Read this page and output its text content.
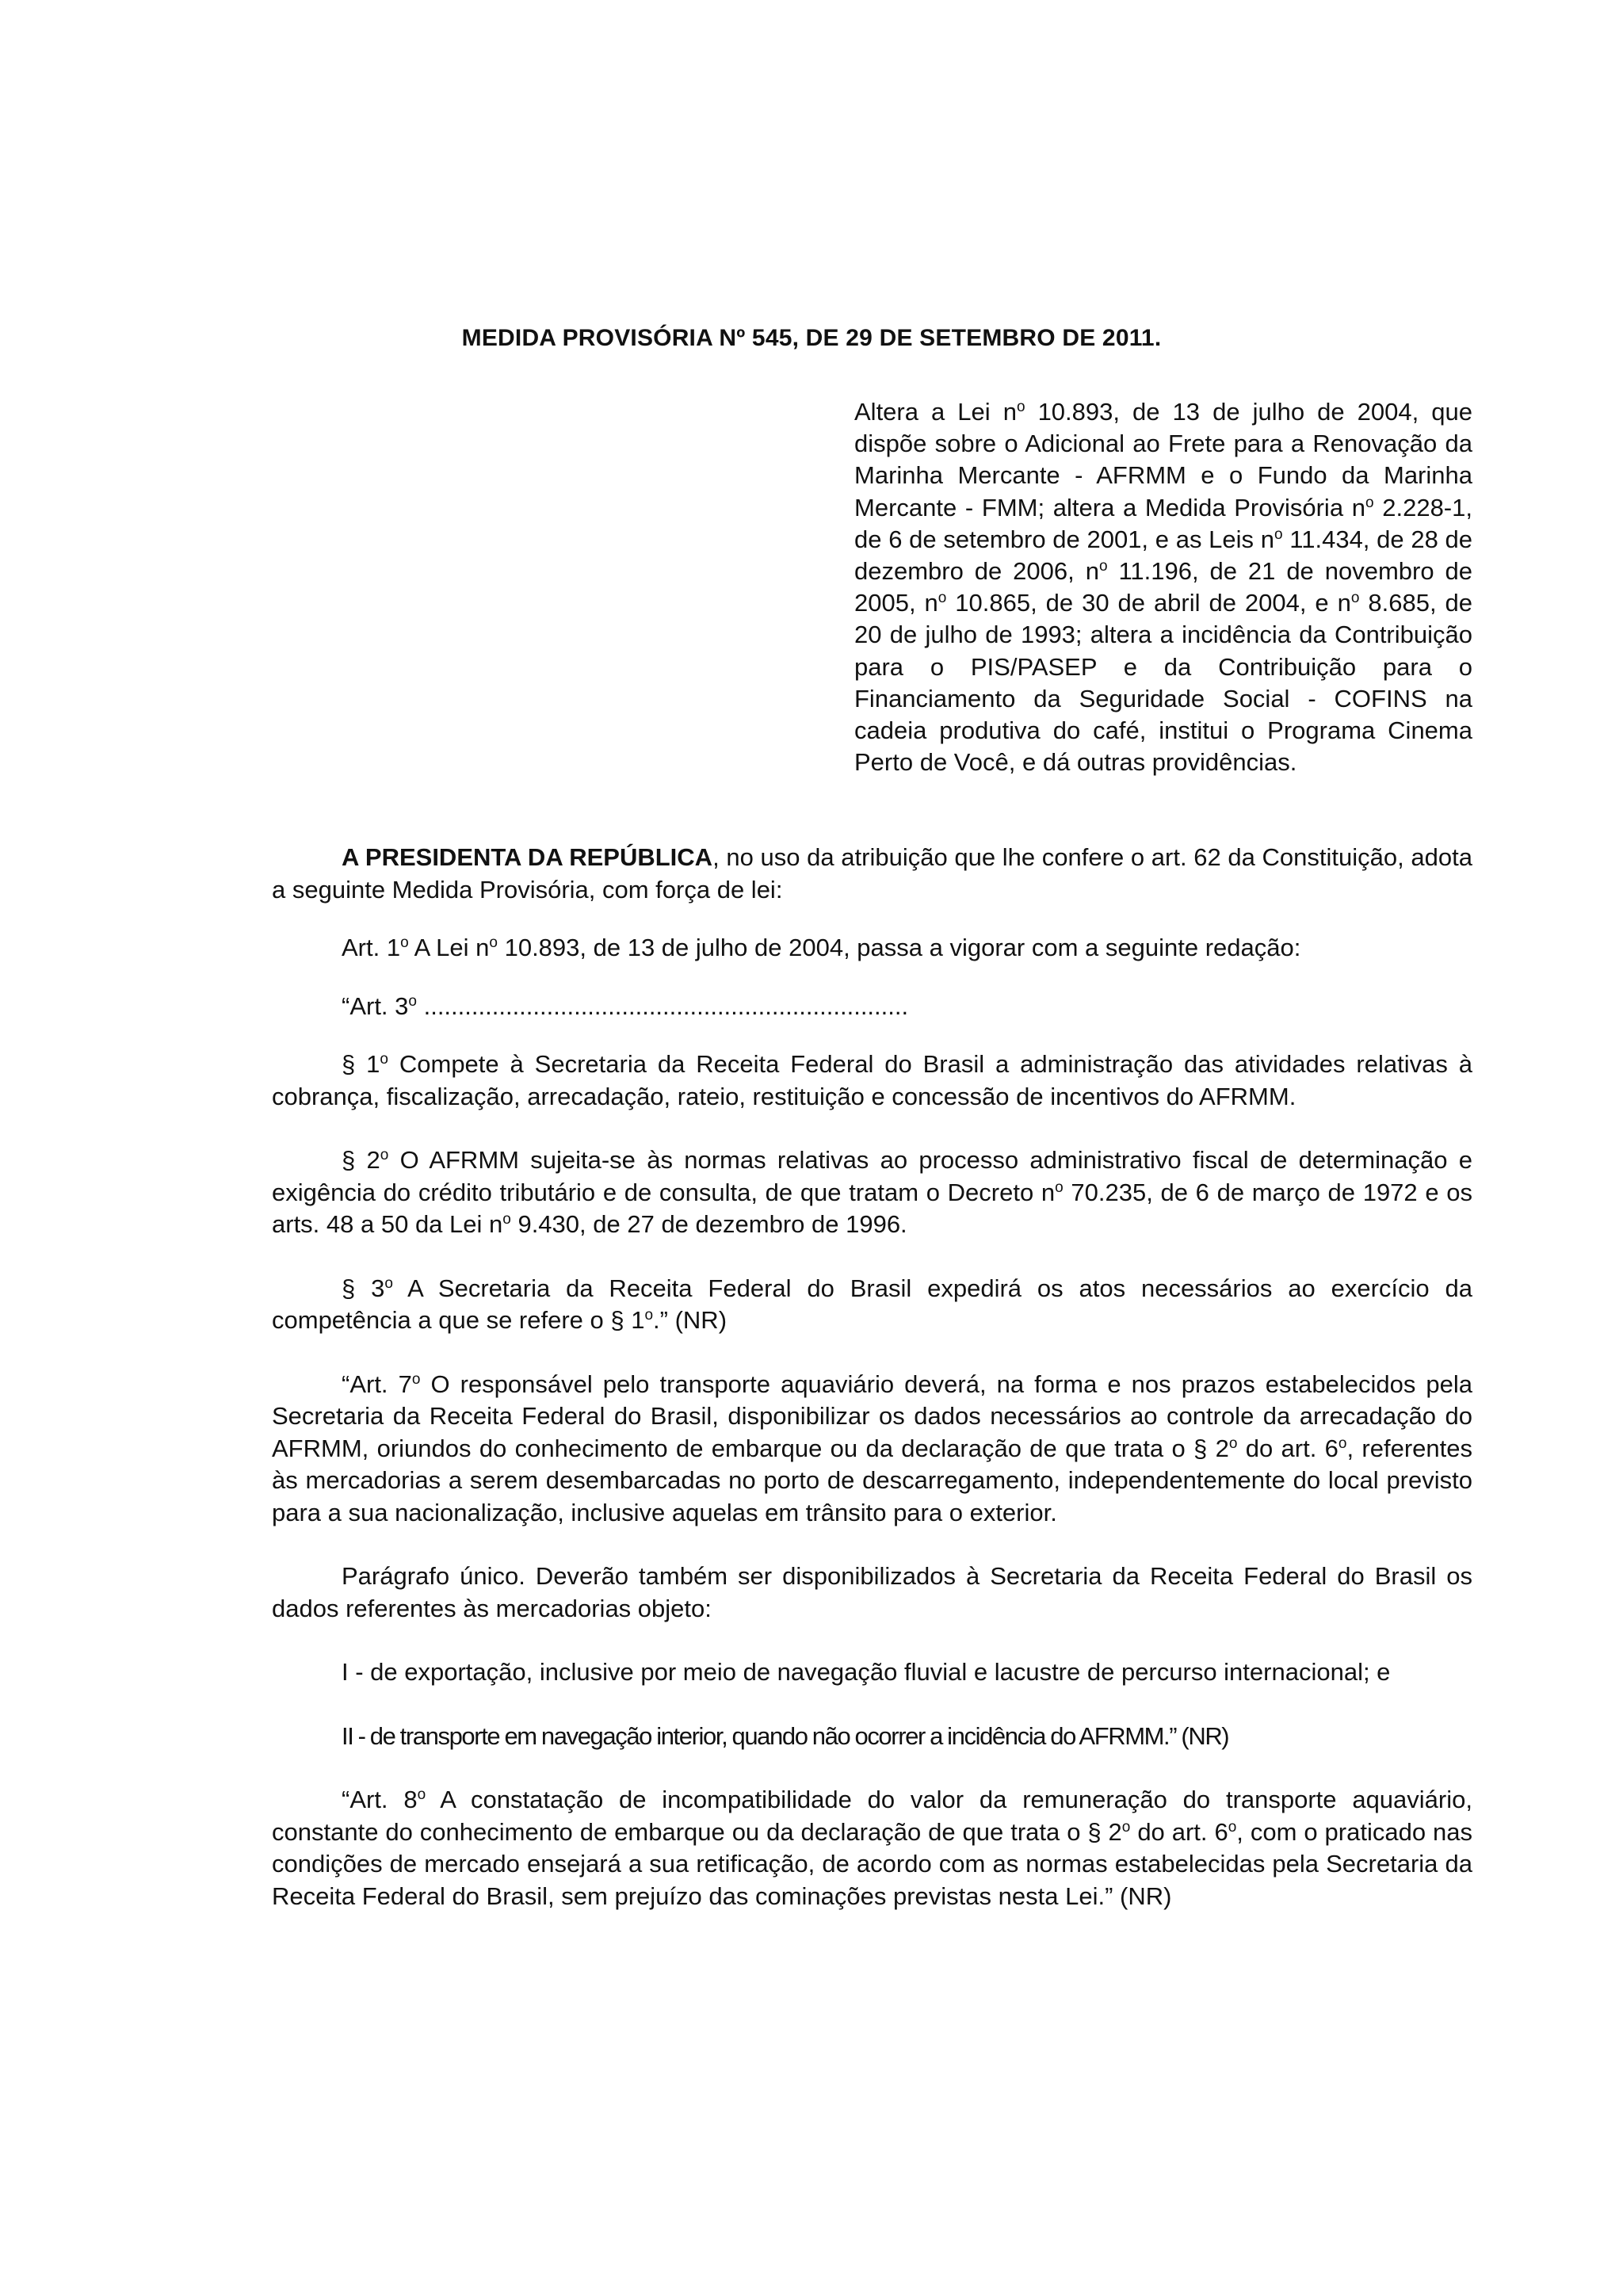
MEDIDA PROVISÓRIA Nº 545, DE 29 DE SETEMBRO DE 2011.
Altera a Lei $n^o$ 10.893, de 13 de julho de 2004, que dispõe sobre o Adicional ao Frete para a Renovação da Marinha Mercante - AFRMM e o Fundo da Marinha Mercante - FMM; altera a Medida Provisória $n^o$ 2.228-1, de 6 de setembro de 2001, e as Leis $n^o$ 11.434, de 28 de dezembro de 2006, $n^o$ 11.196, de 21 de novembro de 2005, $n^o$ 10.865, de 30 de abril de 2004, e $n^o$ 8.685, de 20 de julho de 1993; altera a incidência da Contribuição para o PIS/PASEP e da Contribuição para o Financiamento da Seguridade Social - COFINS na cadeia produtiva do café, institui o Programa Cinema Perto de Você, e dá outras providências.

A PRESIDENTA DA REPÚBLICA, no uso da atribuição que lhe confere o art. 62 da Constituição, adota a seguinte Medida Provisória, com força de lei:

Art. 1$^o$ A Lei $n^o$ 10.893, de 13 de julho de 2004, passa a vigorar com a seguinte redação:

“Art. 3$^o$ .......................................................................

§ 1$^o$ Compete à Secretaria da Receita Federal do Brasil a administração das atividades relativas à cobrança, fiscalização, arrecadação, rateio, restituição e concessão de incentivos do AFRMM.

§ 2$^o$ O AFRMM sujeita-se às normas relativas ao processo administrativo fiscal de determinação e exigência do crédito tributário e de consulta, de que tratam o Decreto $n^o$ 70.235, de 6 de março de 1972 e os arts. 48 a 50 da Lei $n^o$ 9.430, de 27 de dezembro de 1996.

§ 3$^o$ A Secretaria da Receita Federal do Brasil expedirá os atos necessários ao exercício da competência a que se refere o § 1$^o$.” (NR)

“Art. 7$^o$ O responsável pelo transporte aquaviário deverá, na forma e nos prazos estabelecidos pela Secretaria da Receita Federal do Brasil, disponibilizar os dados necessários ao controle da arrecadação do AFRMM, oriundos do conhecimento de embarque ou da declaração de que trata o § 2$^o$ do art. 6$^o$, referentes às mercadorias a serem desembarcadas no porto de descarregamento, independentemente do local previsto para a sua nacionalização, inclusive aquelas em trânsito para o exterior.

Parágrafo único. Deverão também ser disponibilizados à Secretaria da Receita Federal do Brasil os dados referentes às mercadorias objeto:

I - de exportação, inclusive por meio de navegação fluvial e lacustre de percurso internacional; e

II - de transporte em navegação interior, quando não ocorrer a incidência do AFRMM.” (NR)

“Art. 8$^o$ A constatação de incompatibilidade do valor da remuneração do transporte aquaviário, constante do conhecimento de embarque ou da declaração de que trata o § 2$^o$ do art. 6$^o$, com o praticado nas condições de mercado ensejará a sua retificação, de acordo com as normas estabelecidas pela Secretaria da Receita Federal do Brasil, sem prejuízo das cominações previstas nesta Lei.” (NR)
